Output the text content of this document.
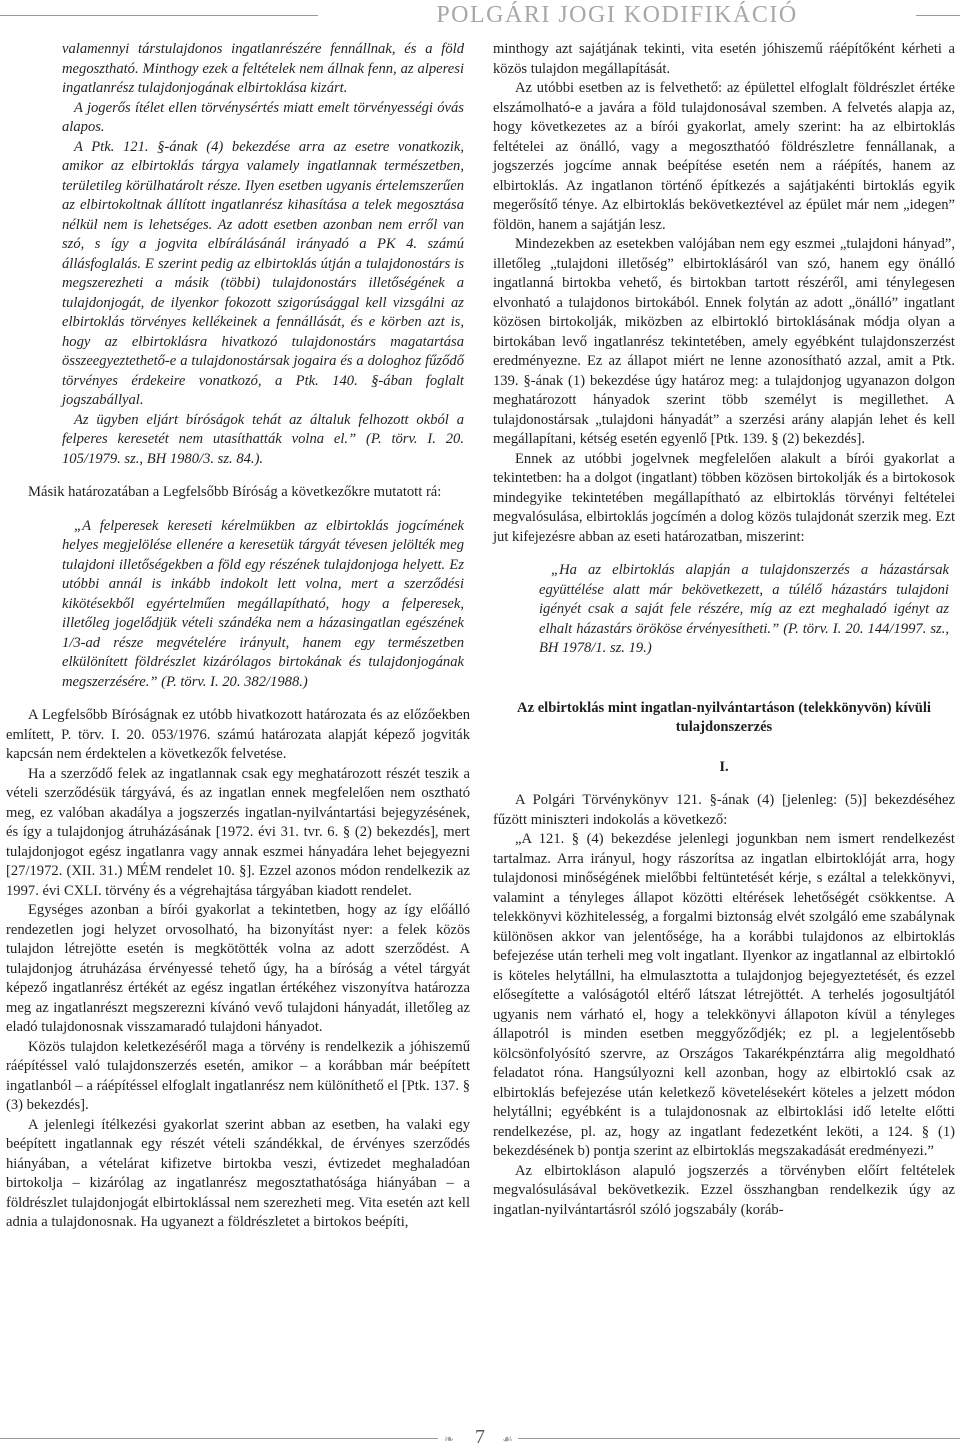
POLGÁRI JOGI KODIFIKÁCIÓ

valamennyi társtulajdonos ingatlanrészére fennállnak, és a föld megosztható. Minthogy ezek a feltételek nem állnak fenn, az alperesi ingatlanrész tulajdonjogának elbirtoklása kizárt.

A jogerős ítélet ellen törvénysértés miatt emelt törvényességi óvás alapos.

A Ptk. 121. §-ának (4) bekezdése arra az esetre vonatkozik, amikor az elbirtoklás tárgya valamely ingatlannak természetben, területileg körülhatárolt része. Ilyen esetben ugyanis értelemszerűen az elbirtokoltnak állított ingatlanrész kihasítása a telek megosztása nélkül nem is lehetséges. Az adott esetben azonban nem erről van szó, s így a jogvita elbírálásánál irányadó a PK 4. számú állásfoglalás. E szerint pedig az elbirtoklás útján a tulajdonostárs is megszerezheti a másik (többi) tulajdonostárs illetőségének a tulajdonjogát, de ilyenkor fokozott szigorúsággal kell vizsgálni az elbirtoklás törvényes kellékeinek a fennállását, és e körben azt is, hogy az elbirtoklásra hivatkozó tulajdonostárs magatartása összeegyeztethető-e a tulajdonostársak jogaira és a dologhoz fűződő törvényes érdekeire vonatkozó, a Ptk. 140. §-ában foglalt jogszabállyal.

Az ügyben eljárt bíróságok tehát az általuk felhozott okból a felperes keresetét nem utasíthatták volna el.” (P. törv. I. 20. 105/1979. sz., BH 1980/3. sz. 84.).

Másik határozatában a Legfelsőbb Bíróság a következőkre mutatott rá:

„A felperesek kereseti kérelmükben az elbirtoklás jogcímének helyes megjelölése ellenére a keresetük tárgyát tévesen jelölték meg tulajdoni illetőségekben a föld egy részének tulajdonjoga helyett. Ez utóbbi annál is inkább indokolt lett volna, mert a szerződési kikötésekből egyértelműen megállapítható, hogy a felperesek, illetőleg jogelődjük vételi szándéka nem a házasingatlan egészének 1/3-ad része megvételére irányult, hanem egy természetben elkülönített földrészlet kizárólagos birtokának és tulajdonjogának megszerzésére.” (P. törv. I. 20. 382/1988.)

A Legfelsőbb Bíróságnak ez utóbb hivatkozott határozata és az előzőekben említett, P. törv. I. 20. 053/1976. számú határozata alapját képező jogviták kapcsán nem érdektelen a következők felvetése.

Ha a szerződő felek az ingatlannak csak egy meghatározott részét teszik a vételi szerződésük tárgyává, és az ingatlan ennek megfelelően nem osztható meg, ez valóban akadálya a jogszerzés ingatlan-nyilvántartási bejegyzésének, és így a tulajdonjog átruházásának [1972. évi 31. tvr. 6. § (2) bekezdés], mert tulajdonjogot egész ingatlanra vagy annak eszmei hányadára lehet bejegyezni [27/1972. (XII. 31.) MÉM rendelet 10. §]. Ezzel azonos módon rendelkezik az 1997. évi CXLI. törvény és a végrehajtása tárgyában kiadott rendelet.

Egységes azonban a bírói gyakorlat a tekintetben, hogy az így előálló rendezetlen jogi helyzet orvosolható, ha bizonyítást nyer: a felek közös tulajdon létrejötte esetén is megkötötték volna az adott szerződést. A tulajdonjog átruházása érvényessé tehető úgy, ha a bíróság a vétel tárgyát képező ingatlanrész értékét az egész ingatlan értékéhez viszonyítva határozza meg az ingatlanrészt megszerezni kívánó vevő tulajdoni hányadát, illetőleg az eladó tulajdonosnak visszamaradó tulajdoni hányadot.

Közös tulajdon keletkezéséről maga a törvény is rendelkezik a jóhiszemű ráépítéssel való tulajdonszerzés esetén, amikor – a korábban már beépített ingatlanból – a ráépítéssel elfoglalt ingatlanrész nem különíthető el [Ptk. 137. § (3) bekezdés].

A jelenlegi ítélkezési gyakorlat szerint abban az esetben, ha valaki egy beépített ingatlannak egy részét vételi szándékkal, de érvényes szerződés hiányában, a vételárat kifizetve birtokba veszi, évtizedet meghaladóan birtokolja – kizárólag az ingatlanrész megosztathatósága hiányában – a földrészlet tulajdonjogát elbirtoklással nem szerezheti meg. Vita esetén azt kell adnia a tulajdonosnak. Ha ugyanezt a földrészletet a birtokos beépíti,

minthogy azt sajátjának tekinti, vita esetén jóhiszemű ráépítőként kérheti a közös tulajdon megállapítását.

Az utóbbi esetben az is felvethető: az épülettel elfoglalt földrészlet értéke elszámolható-e a javára a föld tulajdonosával szemben. A felvetés alapja az, hogy következetes az a bírói gyakorlat, amely szerint: ha az elbirtoklás feltételei az önálló, vagy a megoszthatóó földrészletre fennállanak, a jogszerzés jogcíme annak beépítése esetén nem a ráépítés, hanem az elbirtoklás. Az ingatlanon történő építkezés a sajátjakénti birtoklás egyik megerősítő ténye. Az elbirtoklás bekövetkeztével az épület már nem „idegen” földön, hanem a sajátján lesz.

Mindezekben az esetekben valójában nem egy eszmei „tulajdoni hányad”, illetőleg „tulajdoni illetőség” elbirtoklásáról van szó, hanem egy önálló ingatlanná birtokba vehető, és birtokban tartott részéről, ami ténylegesen elvonható a tulajdonos birtokából. Ennek folytán az adott „önálló” ingatlant közösen birtokolják, miközben az elbirtokló birtoklásának módja olyan a birtokában levő ingatlanrész tekintetében, amely egyébként tulajdonszerzést eredményezne. Ez az állapot miért ne lenne azonosítható azzal, amit a Ptk. 139. §-ának (1) bekezdése úgy határoz meg: a tulajdonjog ugyanazon dolgon meghatározott hányadok szerint több személyt is megillethet. A tulajdonostársak „tulajdoni hányadát” a szerzési arány alapján lehet és kell megállapítani, kétség esetén egyenlő [Ptk. 139. § (2) bekezdés].

Ennek az utóbbi jogelvnek megfelelően alakult a bírói gyakorlat a tekintetben: ha a dolgot (ingatlant) többen közösen birtokolják és a birtokosok mindegyike tekintetében megállapítható az elbirtoklás törvényi feltételei megvalósulása, elbirtoklás jogcímén a dolog közös tulajdonát szerzik meg. Ezt jut kifejezésre abban az eseti határozatban, miszerint:

„Ha az elbirtoklás alapján a tulajdonszerzés a házastársak együttélése alatt már bekövetkezett, a túlélő házastárs tulajdoni igényét csak a saját fele részére, míg az ezt meghaladó igényt az elhalt házastárs örököse érvényesítheti.” (P. törv. I. 20. 144/1997. sz., BH 1978/1. sz. 19.)

Az elbirtoklás mint ingatlan-nyilvántartáson (telekkönyvön) kívüli tulajdonszerzés

I.

A Polgári Törvénykönyv 121. §-ának (4) [jelenleg: (5)] bekezdéséhez fűzött miniszteri indokolás a következő:

„A 121. § (4) bekezdése jelenlegi jogunkban nem ismert rendelkezést tartalmaz. Arra irányul, hogy rászorítsa az ingatlan elbirtoklóját arra, hogy tulajdonosi minőségének mielőbbi feltüntetését kérje, s ezáltal a telekkönyvi, valamint a tényleges állapot közötti eltérések lehetőségét csökkentse. A telekkönyvi közhitelesség, a forgalmi biztonság elvét szolgáló eme szabálynak különösen akkor van jelentősége, ha a korábbi tulajdonos az elbirtoklás befejezése után terheli meg volt ingatlant. Ilyenkor az ingatlannal az elbirtokló is köteles helytállni, ha elmulasztotta a tulajdonjog bejegyeztetését, és ezzel elősegítette a valóságotól eltérő látszat létrejöttét. A terhelés jogosultjától ugyanis nem várható el, hogy a telekkönyvi állapoton kívül a tényleges állapotról is minden esetben meggyőződjék; ez pl. a legjelentősebb kölcsönfolyósító szervre, az Országos Takarékpénztárra alig megoldható feladatot róna. Hangsúlyozni kell azonban, hogy az elbirtokló csak az elbirtoklás befejezése után keletkező követelésekért köteles a jelzett módon helytállni; egyébként is a tulajdonosnak az elbirtoklási idő letelte előtti rendelkezése, pl. az, hogy az ingatlant fedezetként leköti, a 124. § (1) bekezdésének b) pontja szerint az elbirtoklás megszakadását eredményezi.”

Az elbirtokláson alapuló jogszerzés a törvényben előírt feltételek megvalósulásával bekövetkezik. Ezzel összhangban rendelkezik úgy az ingatlan-nyilvántartásról szóló jogszabály (koráb-

❧	7	☙
